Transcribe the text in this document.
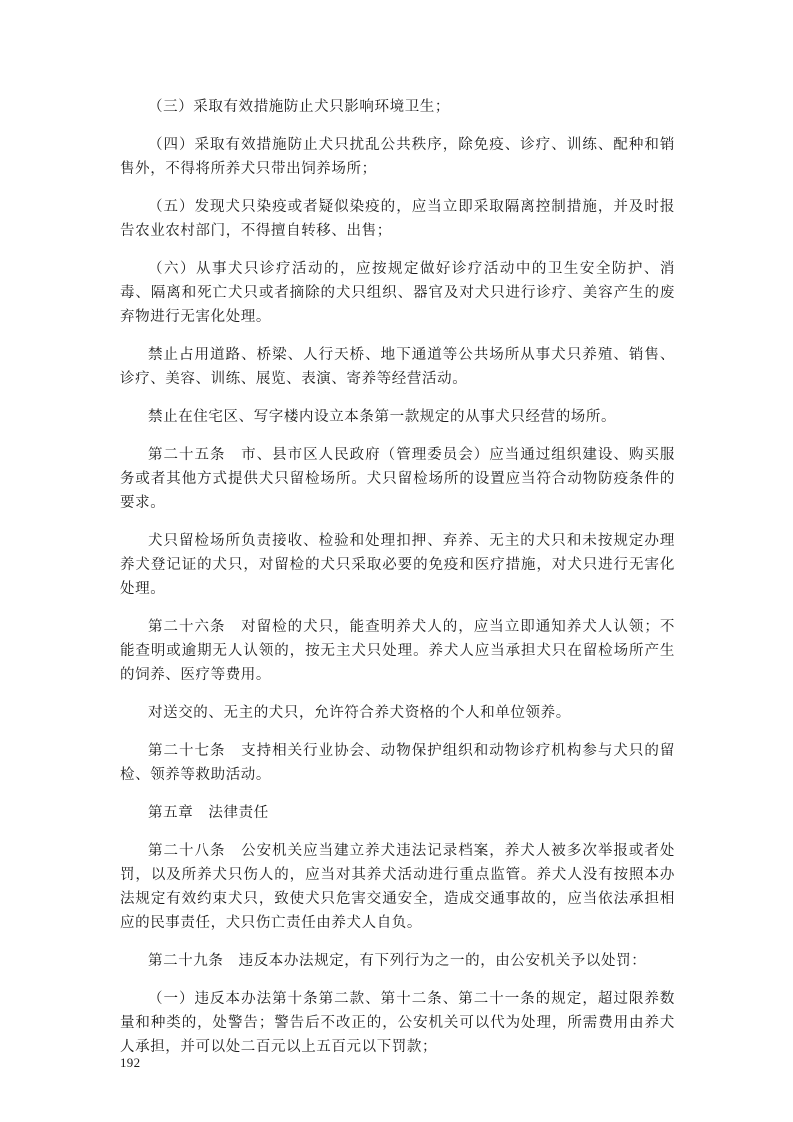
（三）采取有效措施防止犬只影响环境卫生；

（四）采取有效措施防止犬只扰乱公共秩序，除免疫、诊疗、训练、配种和销售外，不得将所养犬只带出饲养场所；

（五）发现犬只染疫或者疑似染疫的，应当立即采取隔离控制措施，并及时报告农业农村部门，不得擅自转移、出售；

（六）从事犬只诊疗活动的，应按规定做好诊疗活动中的卫生安全防护、消毒、隔离和死亡犬只或者摘除的犬只组织、器官及对犬只进行诊疗、美容产生的废弃物进行无害化处理。

禁止占用道路、桥梁、人行天桥、地下通道等公共场所从事犬只养殖、销售、诊疗、美容、训练、展览、表演、寄养等经营活动。

禁止在住宅区、写字楼内设立本条第一款规定的从事犬只经营的场所。

第二十五条　市、县市区人民政府（管理委员会）应当通过组织建设、购买服务或者其他方式提供犬只留检场所。犬只留检场所的设置应当符合动物防疫条件的要求。

犬只留检场所负责接收、检验和处理扣押、弃养、无主的犬只和未按规定办理养犬登记证的犬只，对留检的犬只采取必要的免疫和医疗措施，对犬只进行无害化处理。

第二十六条　对留检的犬只，能查明养犬人的，应当立即通知养犬人认领；不能查明或逾期无人认领的，按无主犬只处理。养犬人应当承担犬只在留检场所产生的饲养、医疗等费用。

对送交的、无主的犬只，允许符合养犬资格的个人和单位领养。

第二十七条　支持相关行业协会、动物保护组织和动物诊疗机构参与犬只的留检、领养等救助活动。

第五章　法律责任

第二十八条　公安机关应当建立养犬违法记录档案，养犬人被多次举报或者处罚，以及所养犬只伤人的，应当对其养犬活动进行重点监管。养犬人没有按照本办法规定有效约束犬只，致使犬只危害交通安全，造成交通事故的，应当依法承担相应的民事责任，犬只伤亡责任由养犬人自负。

第二十九条　违反本办法规定，有下列行为之一的，由公安机关予以处罚：

（一）违反本办法第十条第二款、第十二条、第二十一条的规定，超过限养数量和种类的，处警告；警告后不改正的，公安机关可以代为处理，所需费用由养犬人承担，并可以处二百元以上五百元以下罚款；

192
